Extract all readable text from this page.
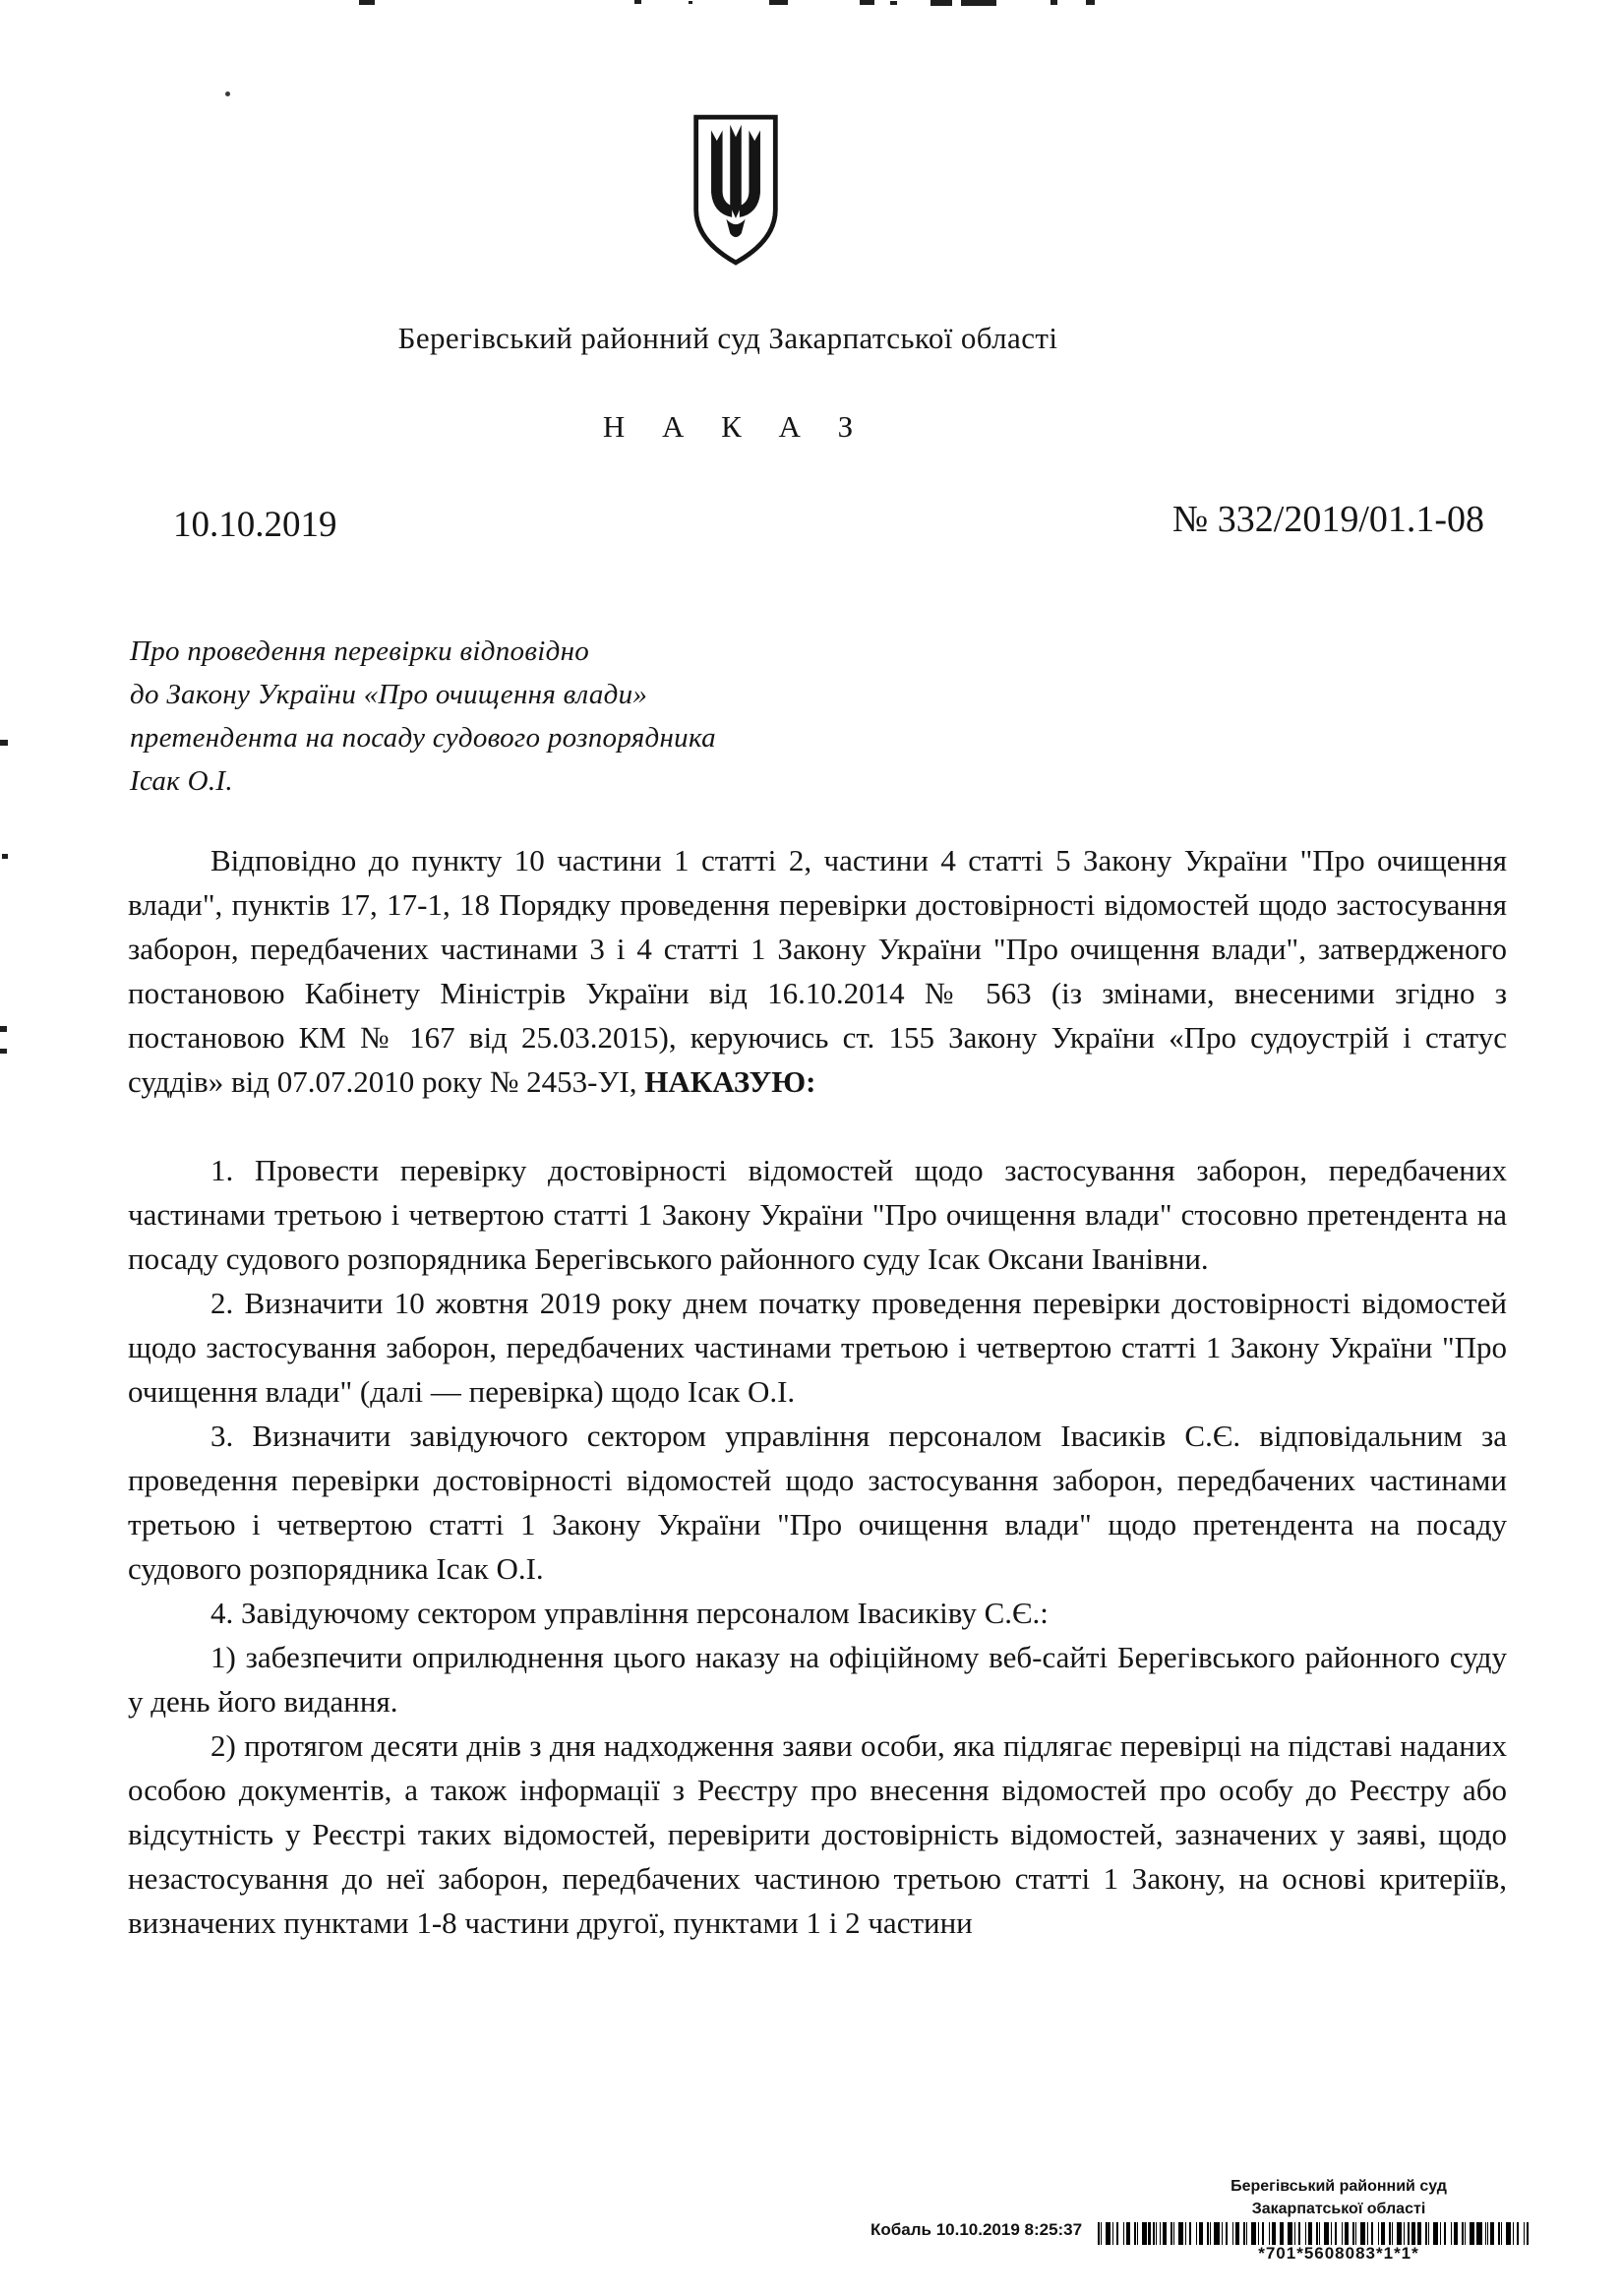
Берегівський районний суд Закарпатської області
Н А К А З
10.10.2019	№ 332/2019/01.1-08
Про проведення перевірки відповідно
до Закону України «Про очищення влади»
претендента на посаду судового розпорядника
Ісак О.І.

Відповідно до пункту 10 частини 1 статті 2, частини 4 статті 5 Закону України "Про очищення влади", пунктів 17, 17-1, 18 Порядку проведення перевірки достовірності відомостей щодо застосування заборон, передбачених частинами 3 і 4 статті 1 Закону України "Про очищення влади", затвердженого постановою Кабінету Міністрів України від 16.10.2014 № 563 (із змінами, внесеними згідно з постановою КМ № 167 від 25.03.2015), керуючись ст. 155 Закону України «Про судоустрій і статус суддів» від 07.07.2010 року № 2453-УІ, НАКАЗУЮ:

1. Провести перевірку достовірності відомостей щодо застосування заборон, передбачених частинами третьою і четвертою статті 1 Закону України "Про очищення влади" стосовно претендента на посаду судового розпорядника Берегівського районного суду Ісак Оксани Іванівни.

2. Визначити 10 жовтня 2019 року днем початку проведення перевірки достовірності відомостей щодо застосування заборон, передбачених частинами третьою і четвертою статті 1 Закону України "Про очищення влади" (далі — перевірка) щодо Ісак О.І.

3. Визначити завідуючого сектором управління персоналом Івасиків С.Є. відповідальним за проведення перевірки достовірності відомостей щодо застосування заборон, передбачених частинами третьою і четвертою статті 1 Закону України "Про очищення влади" щодо претендента на посаду судового розпорядника Ісак О.І.

4. Завідуючому сектором управління персоналом Івасиківу С.Є.:

1) забезпечити оприлюднення цього наказу на офіційному веб-сайті Берегівського районного суду у день його видання.

2) протягом десяти днів з дня надходження заяви особи, яка підлягає перевірці на підставі наданих особою документів, а також інформації з Реєстру про внесення відомостей про особу до Реєстру або відсутність у Реєстрі таких відомостей, перевірити достовірність відомостей, зазначених у заяві, щодо незастосування до неї заборон, передбачених частиною третьою статті 1 Закону, на основі критеріїв, визначених пунктами 1-8 частини другої, пунктами 1 і 2 частини

Берегівський районний суд
Закарпатської області
Кобаль 10.10.2019 8:25:37
*701*5608083*1*1*
